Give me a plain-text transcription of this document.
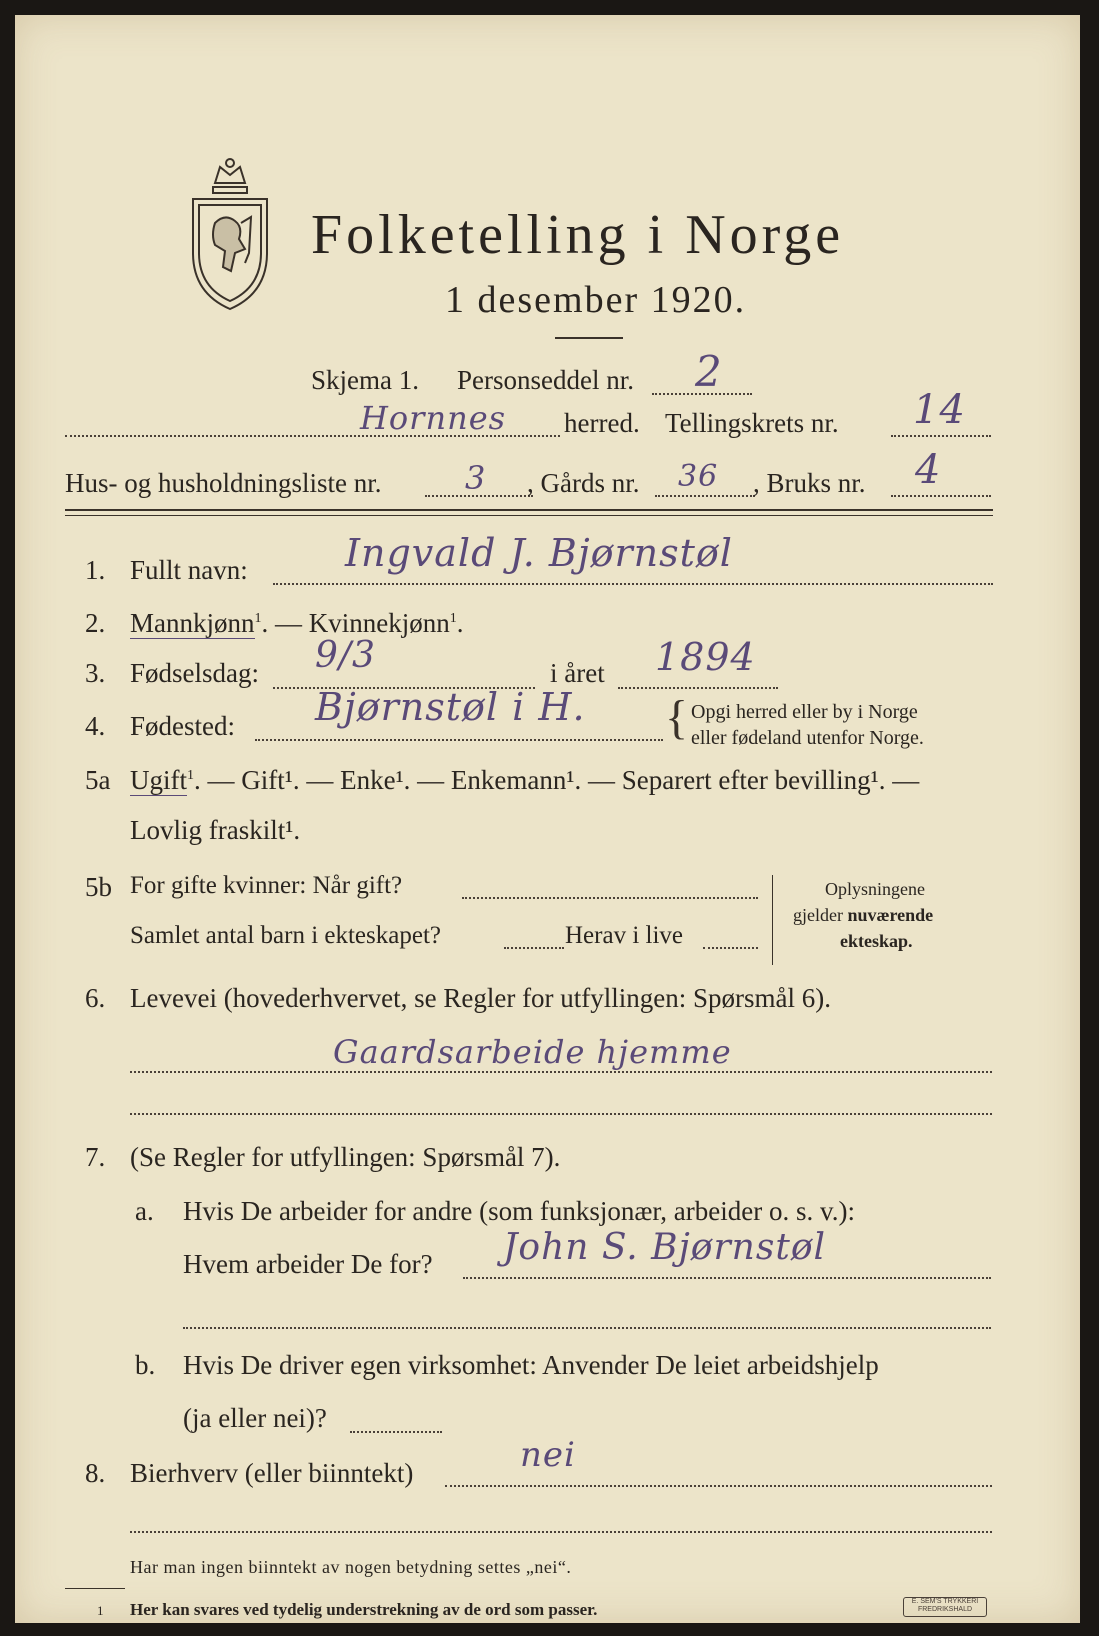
Folketelling i Norge
1 desember 1920.
Skjema 1. Personseddel nr. 2
Hornnes herred. Tellingskrets nr. 14
Hus- og husholdningsliste nr.	3 , Gårds nr. 36 , Bruks nr. 4
1. Fullt navn:	Ingvald J. Bjørnstøl
2. Mannkjønn$^1$. — Kvinnekjønn$^1$.
3. Fødselsdag: 9/3	i året 1894
4. Fødested: Bjørnstøl i H. { Opgi herred eller by i Norge
eller fødeland utenfor Norge.
5a Ugift$^1$. — Gift¹. — Enke¹. — Enkemann¹. — Separert efter bevilling¹. —
Lovlig fraskilt¹.
5b For gifte kvinner: Når gift?
Samlet antal barn i ekteskapet?	Herav i live
Oplysningene
gjelder nuværende
ekteskap.
6. Levevei (hovederhvervet, se Regler for utfyllingen: Spørsmål 6).
Gaardsarbeide hjemme
7. (Se Regler for utfyllingen: Spørsmål 7).
a. Hvis De arbeider for andre (som funksjonær, arbeider o. s. v.):
Hvem arbeider De for? John S. Bjørnstøl
b. Hvis De driver egen virksomhet: Anvender De leiet arbeidshjelp
(ja eller nei)?
8. Bierhverv (eller biinntekt)	nei
Har man ingen biinntekt av nogen betydning settes „nei“.
1 Her kan svares ved tydelig understrekning av de ord som passer.	E. SEM'S TRYKKERI FREDRIKSHALD
